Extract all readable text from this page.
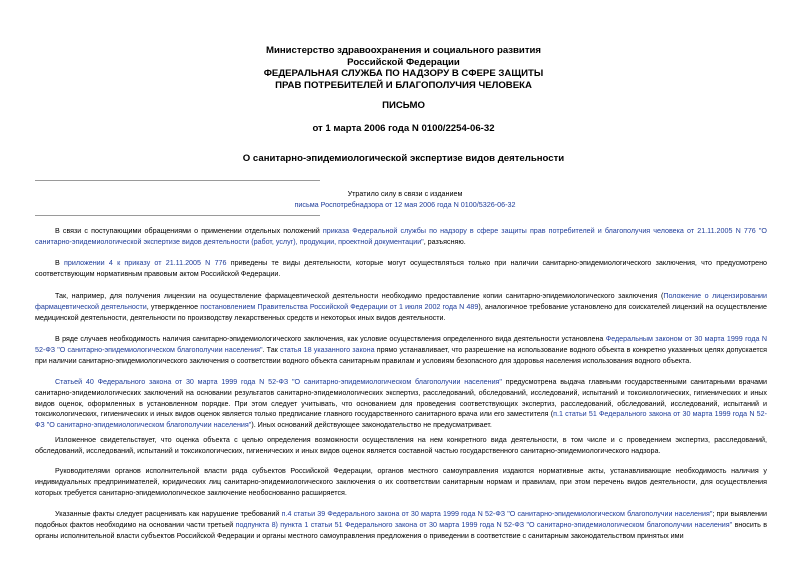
Министерство здравоохранения и социального развития
Российской Федерации
ФЕДЕРАЛЬНАЯ СЛУЖБА ПО НАДЗОРУ В СФЕРЕ ЗАЩИТЫ
ПРАВ ПОТРЕБИТЕЛЕЙ И БЛАГОПОЛУЧИЯ ЧЕЛОВЕКА
ПИСЬМО
от 1 марта 2006 года N 0100/2254-06-32
О санитарно-эпидемиологической экспертизе видов деятельности
Утратило силу в связи с изданием
письма Роспотребнадзора от 12 мая 2006 года N 0100/5326-06-32
В связи с поступающими обращениями о применении отдельных положений приказа Федеральной службы по надзору в сфере защиты прав потребителей и благополучия человека от 21.11.2005 N 776 "О санитарно-эпидемиологической экспертизе видов деятельности (работ, услуг), продукции, проектной документации", разъясняю.
В приложении 4 к приказу от 21.11.2005 N 776 приведены те виды деятельности, которые могут осуществляться только при наличии санитарно-эпидемиологического заключения, что предусмотрено соответствующим нормативным правовым актом Российской Федерации.
Так, например, для получения лицензии на осуществление фармацевтической деятельности необходимо предоставление копии санитарно-эпидемиологического заключения (Положение о лицензировании фармацевтической деятельности, утвержденное постановлением Правительства Российской Федерации от 1 июля 2002 года N 489), аналогичное требование установлено для соискателей лицензий на осуществление медицинской деятельности, деятельности по производству лекарственных средств и некоторых иных видов деятельности.
В ряде случаев необходимость наличия санитарно-эпидемиологического заключения, как условие осуществления определенного вида деятельности установлена Федеральным законом от 30 марта 1999 года N 52-ФЗ "О санитарно-эпидемиологическом благополучии населения". Так статья 18 указанного закона прямо устанавливает, что разрешение на использование водного объекта в конкретно указанных целях допускается при наличии санитарно-эпидемиологического заключения о соответствии водного объекта санитарным правилам и условиям безопасного для здоровья населения использования водного объекта.
Статьей 40 Федерального закона от 30 марта 1999 года N 52-ФЗ "О санитарно-эпидемиологическом благополучии населения" предусмотрена выдача главными государственными санитарными врачами санитарно-эпидемиологических заключений на основании результатов санитарно-эпидемиологических экспертиз, расследований, обследований, исследований, испытаний и токсикологических, гигиенических и иных видов оценок, оформленных в установленном порядке. При этом следует учитывать, что основанием для проведения соответствующих экспертиз, расследований, обследований, исследований, испытаний и токсикологических, гигиенических и иных видов оценок является только предписание главного государственного санитарного врача или его заместителя (п.1 статьи 51 Федерального закона от 30 марта 1999 года N 52-ФЗ "О санитарно-эпидемиологическом благополучии населения"). Иных оснований действующее законодательство не предусматривает.
Изложенное свидетельствует, что оценка объекта с целью определения возможности осуществления на нем конкретного вида деятельности, в том числе и с проведением экспертиз, расследований, обследований, исследований, испытаний и токсикологических, гигиенических и иных видов оценок является составной частью государственного санитарно-эпидемиологического надзора.
Руководителями органов исполнительной власти ряда субъектов Российской Федерации, органов местного самоуправления издаются нормативные акты, устанавливающие необходимость наличия у индивидуальных предпринимателей, юридических лиц санитарно-эпидемиологического заключения о их соответствии санитарным нормам и правилам, при этом перечень видов деятельности, для осуществления которых требуется санитарно-эпидемиологическое заключение необоснованно расширяется.
Указанные факты следует расценивать как нарушение требований п.4 статьи 39 Федерального закона от 30 марта 1999 года N 52-ФЗ "О санитарно-эпидемиологическом благополучии населения"; при выявлении подобных фактов необходимо на основании части третьей подпункта 8) пункта 1 статьи 51 Федерального закона от 30 марта 1999 года N 52-ФЗ "О санитарно-эпидемиологическом благополучии населения" вносить в органы исполнительной власти субъектов Российской Федерации и органы местного самоуправления предложения о приведении в соответствие с санитарным законодательством принятых ими
